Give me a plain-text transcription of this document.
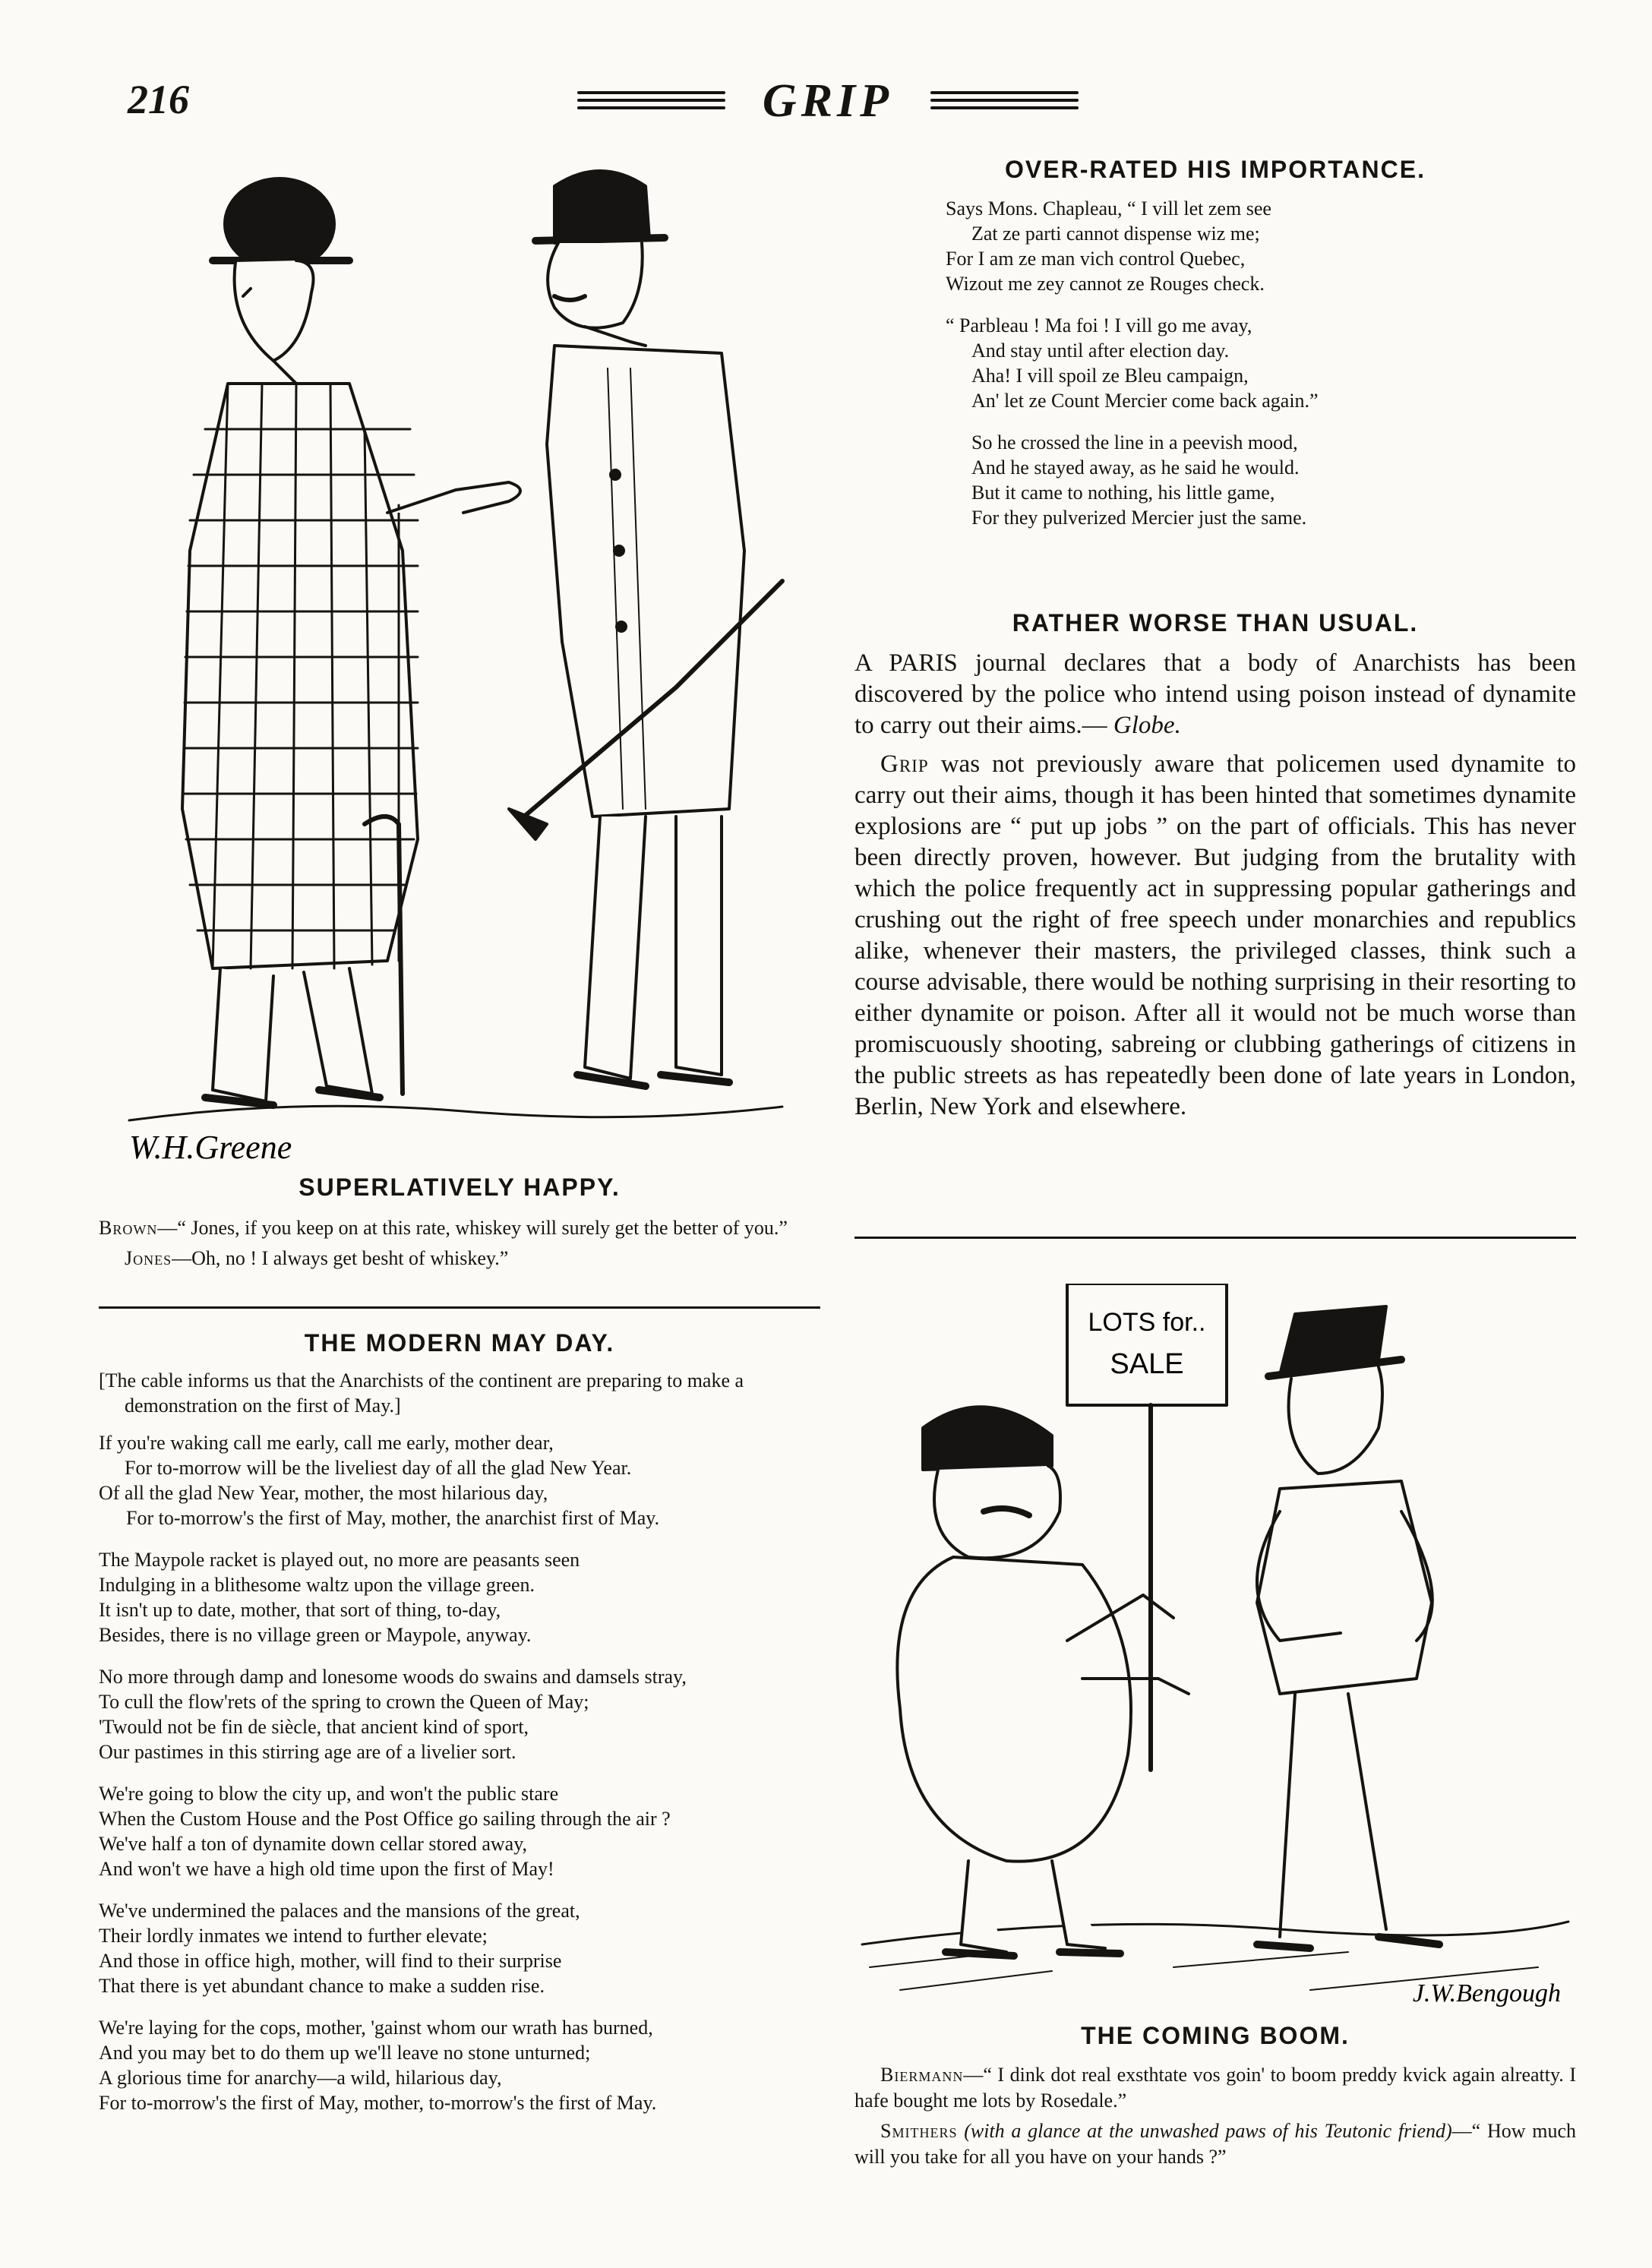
216	GRIP
W.H.Greene
SUPERLATIVELY HAPPY.

Brown—“ Jones, if you keep on at this rate, whiskey will surely get the better of you.”

Jones—Oh, no ! I always get besht of whiskey.”

THE MODERN MAY DAY.

[The cable informs us that the Anarchists of the continent are preparing to make a demonstration on the first of May.]

If you're waking call me early, call me early, mother dear,

For to-morrow will be the liveliest day of all the glad New Year.

Of all the glad New Year, mother, the most hilarious day,

For to-morrow's the first of May, mother, the anarchist first of May.

The Maypole racket is played out, no more are peasants seen

Indulging in a blithesome waltz upon the village green.

It isn't up to date, mother, that sort of thing, to-day,

Besides, there is no village green or Maypole, anyway.

No more through damp and lonesome woods do swains and damsels stray,

To cull the flow'rets of the spring to crown the Queen of May;

'Twould not be fin de siècle, that ancient kind of sport,

Our pastimes in this stirring age are of a livelier sort.

We're going to blow the city up, and won't the public stare

When the Custom House and the Post Office go sailing through the air ?

We've half a ton of dynamite down cellar stored away,

And won't we have a high old time upon the first of May!

We've undermined the palaces and the mansions of the great,

Their lordly inmates we intend to further elevate;

And those in office high, mother, will find to their surprise

That there is yet abundant chance to make a sudden rise.

We're laying for the cops, mother, 'gainst whom our wrath has burned,

And you may bet to do them up we'll leave no stone unturned;

A glorious time for anarchy—a wild, hilarious day,

For to-morrow's the first of May, mother, to-morrow's the first of May.

OVER-RATED HIS IMPORTANCE.

Says Mons. Chapleau, “ I vill let zem see

Zat ze parti cannot dispense wiz me;

For I am ze man vich control Quebec,

Wizout me zey cannot ze Rouges check.

“ Parbleau ! Ma foi ! I vill go me avay,

And stay until after election day.

Aha! I vill spoil ze Bleu campaign,

An' let ze Count Mercier come back again.”

So he crossed the line in a peevish mood,

And he stayed away, as he said he would.

But it came to nothing, his little game,

For they pulverized Mercier just the same.

RATHER WORSE THAN USUAL.

A PARIS journal declares that a body of Anarchists has been discovered by the police who intend using poison instead of dynamite to carry out their aims.— Globe.

Grip was not previously aware that policemen used dynamite to carry out their aims, though it has been hinted that sometimes dynamite explosions are “ put up jobs ” on the part of officials. This has never been directly proven, however. But judging from the brutality with which the police frequently act in suppressing popular gatherings and crushing out the right of free speech under monarchies and republics alike, whenever their masters, the privileged classes, think such a course advisable, there would be nothing surprising in their resorting to either dynamite or poison. After all it would not be much worse than promiscuously shooting, sabreing or clubbing gatherings of citizens in the public streets as has repeatedly been done of late years in London, Berlin, New York and elsewhere.

LOTS for..
SALE
J.W.Bengough
THE COMING BOOM.

Biermann—“ I dink dot real exsthtate vos goin' to boom preddy kvick again alreatty. I hafe bought me lots by Rosedale.”

Smithers (with a glance at the unwashed paws of his Teutonic friend)—“ How much will you take for all you have on your hands ?”
